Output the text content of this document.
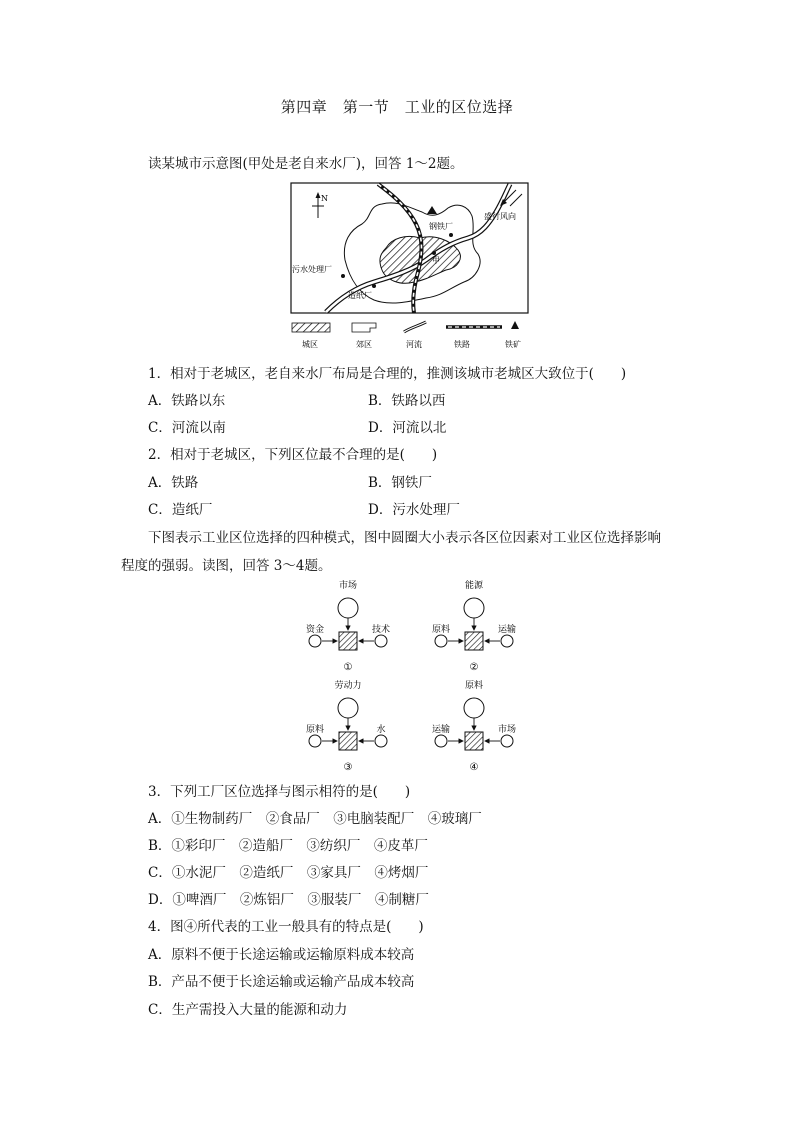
第四章　第一节　工业的区位选择
读某城市示意图(甲处是老自来水厂)，回答 1～2题。
N
盛行风向
钢铁厂
甲
污水处理厂
造纸厂
城区	郊区	河流	铁路	铁矿
1．相对于老城区，老自来水厂布局是合理的，推测该城市老城区大致位于(　　)
A．铁路以东	B．铁路以西
C．河流以南	D．河流以北
2．相对于老城区，下列区位最不合理的是(　　)
A．铁路	B．钢铁厂
C．造纸厂	D．污水处理厂
下图表示工业区位选择的四种模式，图中圆圈大小表示各区位因素对工业区位选择影响
程度的强弱。读图，回答 3～4题。
市场
资金	技术
①
能源
原料	运输
②
劳动力
原料	水
③
原料
运输	市场
④
3．下列工厂区位选择与图示相符的是(　　)
A．①生物制药厂　②食品厂　③电脑装配厂　④玻璃厂
B．①彩印厂　②造船厂　③纺织厂　④皮革厂
C．①水泥厂　②造纸厂　③家具厂　④烤烟厂
D．①啤酒厂　②炼铝厂　③服装厂　④制糖厂
4．图④所代表的工业一般具有的特点是(　　)
A．原料不便于长途运输或运输原料成本较高
B．产品不便于长途运输或运输产品成本较高
C．生产需投入大量的能源和动力
